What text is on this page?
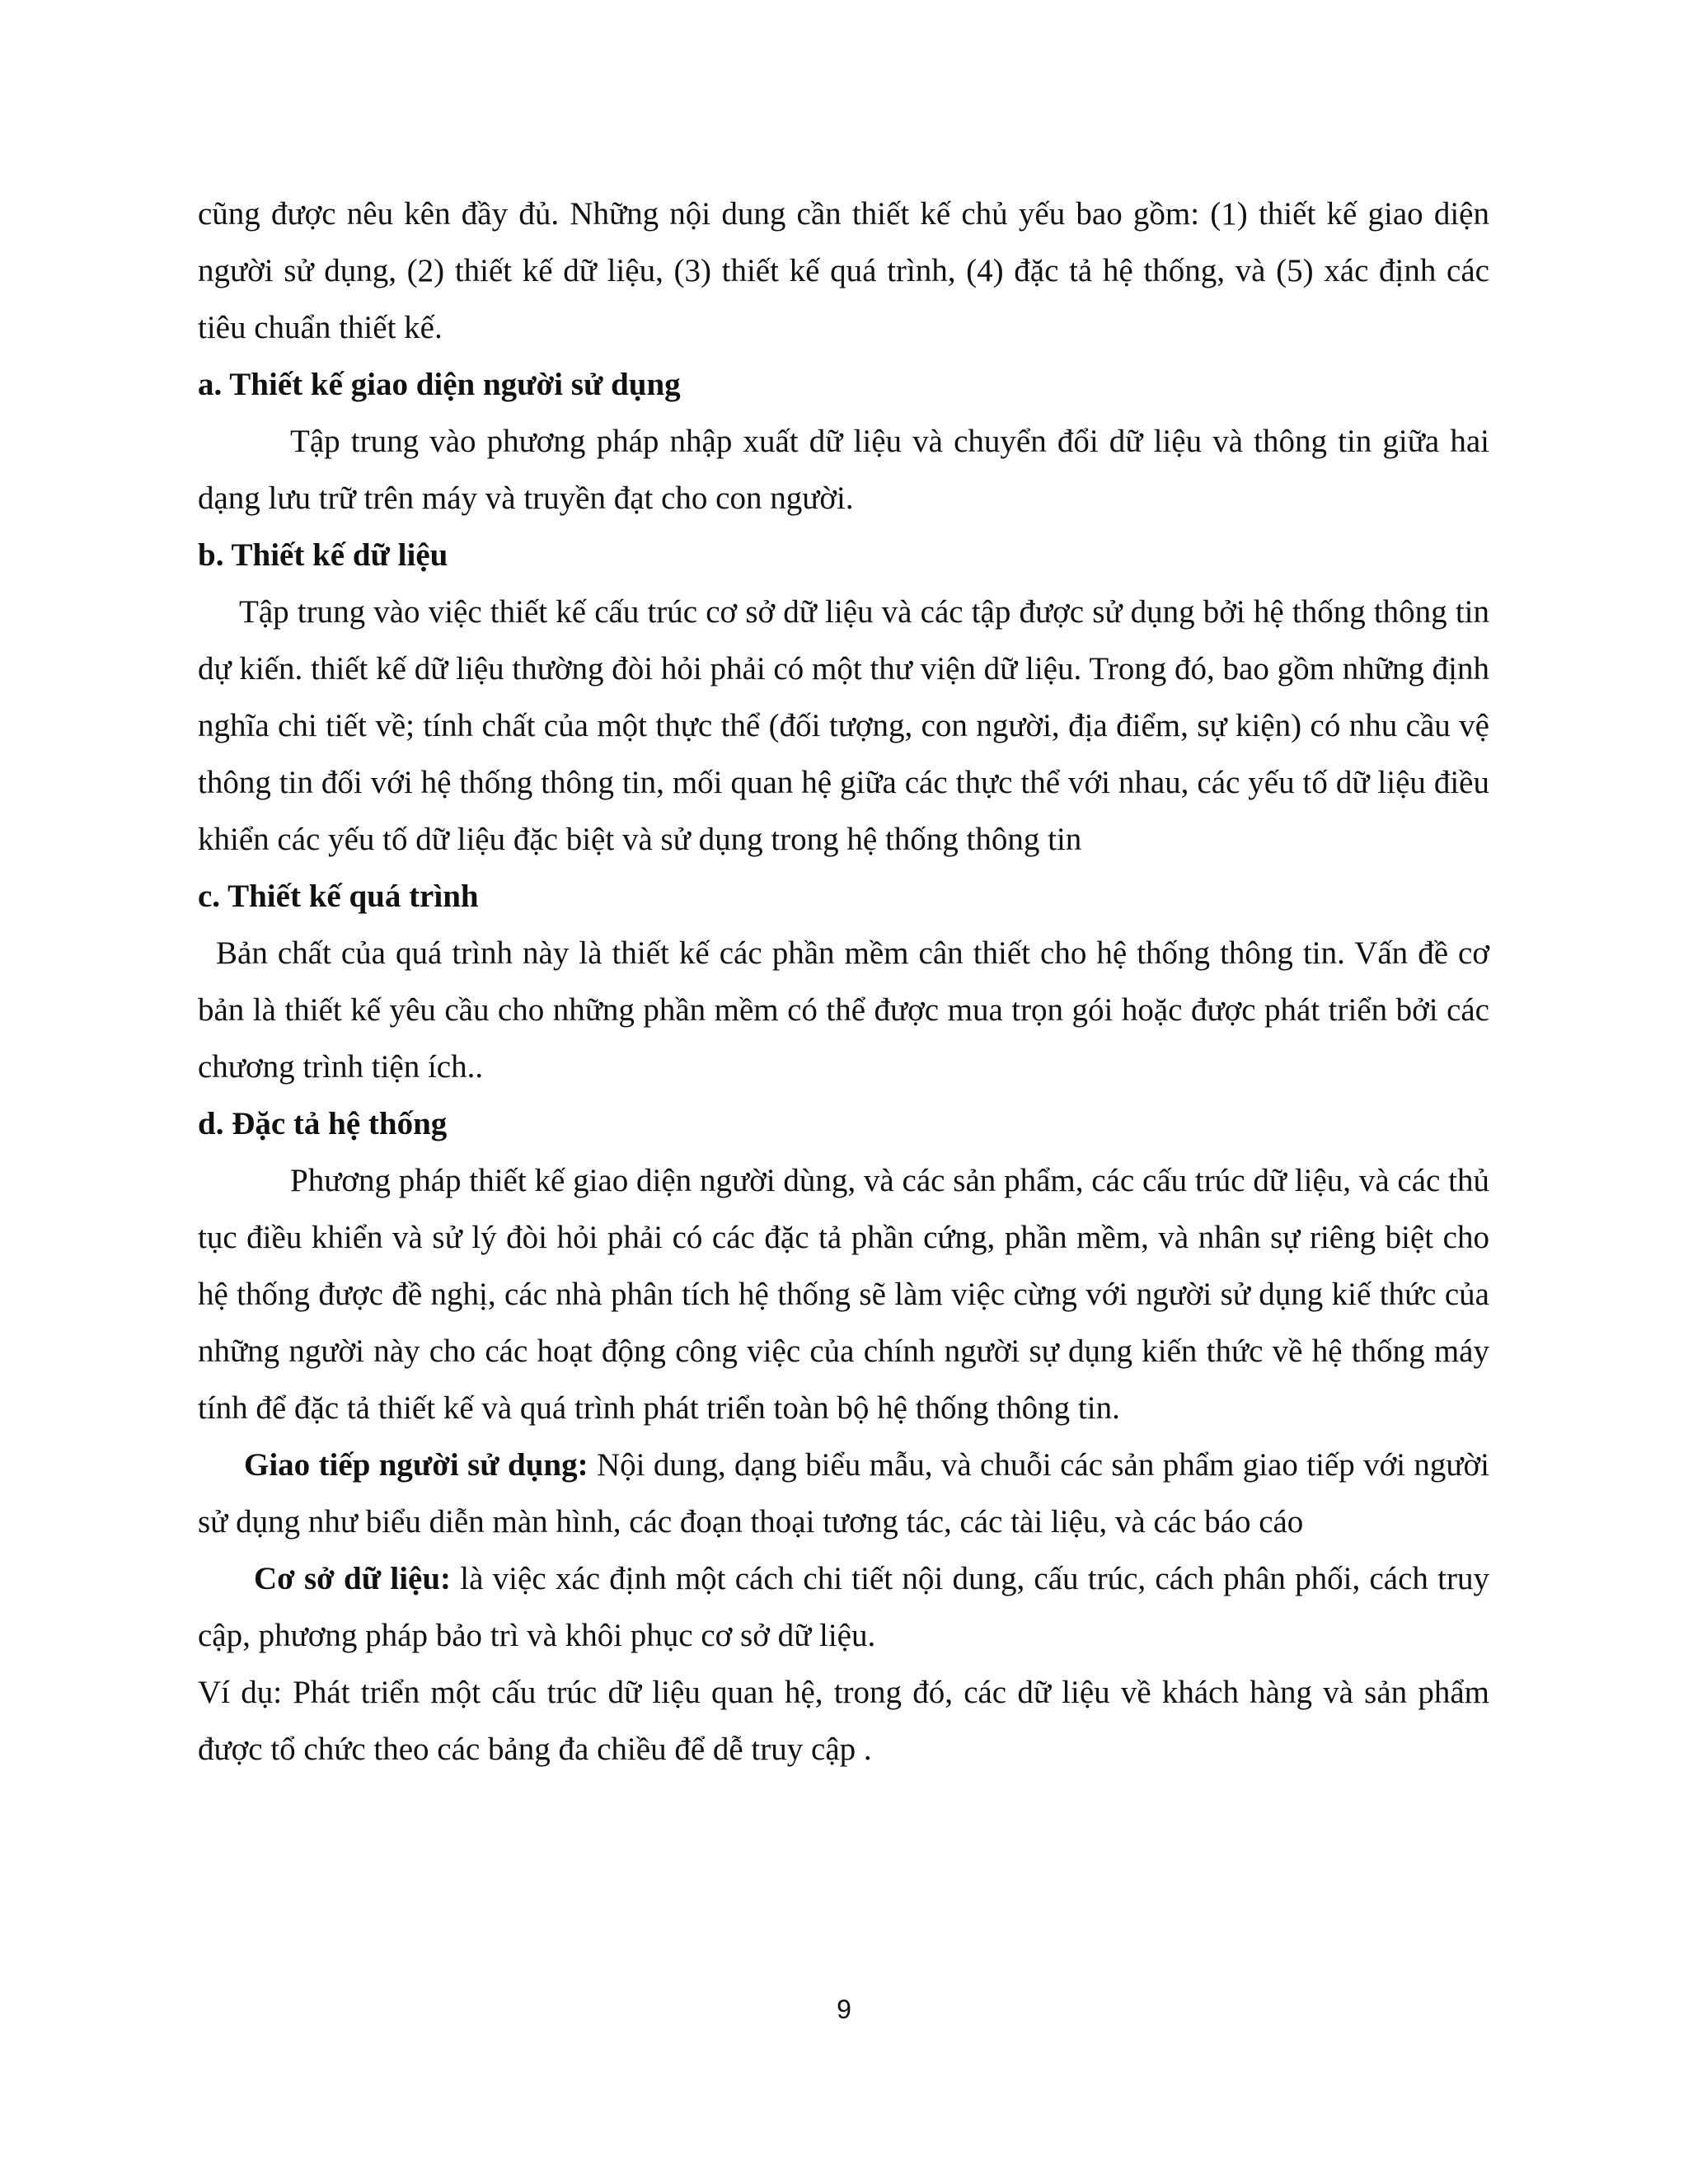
cũng được nêu kên đầy đủ. Những nội dung cần thiết kế chủ yếu bao gồm: (1) thiết kế giao diện người sử dụng, (2) thiết kế dữ liệu, (3) thiết kế quá trình, (4) đặc tả hệ thống, và (5) xác định các tiêu chuẩn thiết kế.

a. Thiết kế giao diện người sử dụng

Tập trung vào phương pháp nhập xuất dữ liệu và chuyển đổi dữ liệu và thông tin giữa hai dạng lưu trữ trên máy và truyền đạt cho con người.

b. Thiết kế dữ liệu

Tập trung vào việc thiết kế cấu trúc cơ sở dữ liệu và các tập được sử dụng bởi hệ thống thông tin dự kiến. thiết kế dữ liệu thường đòi hỏi phải có một thư viện dữ liệu. Trong đó, bao gồm những định nghĩa chi tiết về; tính chất của một thực thể (đối tượng, con người, địa điểm, sự kiện) có nhu cầu vệ thông tin đối với hệ thống thông tin, mối quan hệ giữa các thực thể với nhau, các yếu tố dữ liệu điều khiển các yếu tố dữ liệu đặc biệt và sử dụng trong hệ thống thông tin

c. Thiết kế quá trình

Bản chất của quá trình này là thiết kế các phần mềm cân thiết cho hệ thống thông tin. Vấn đề cơ bản là thiết kế yêu cầu cho những phần mềm có thể được mua trọn gói hoặc được phát triển bởi các chương trình tiện ích..

d. Đặc tả hệ thống

Phương pháp thiết kế giao diện người dùng, và các sản phẩm, các cấu trúc dữ liệu, và các thủ tục điều khiển và sử lý đòi hỏi phải có các đặc tả phần cứng, phần mềm, và nhân sự riêng biệt cho hệ thống được đề nghị, các nhà phân tích hệ thống sẽ làm việc cừng với người sử dụng kiế thức của những người này cho các hoạt động công việc của chính người sự dụng kiến thức về hệ thống máy tính để đặc tả thiết kế và quá trình phát triển toàn bộ hệ thống thông tin.

Giao tiếp người sử dụng: Nội dung, dạng biểu mẫu, và chuỗi các sản phẩm giao tiếp với người sử dụng như biểu diễn màn hình, các đoạn thoại tương tác, các tài liệu, và các báo cáo

Cơ sở dữ liệu: là việc xác định một cách chi tiết nội dung, cấu trúc, cách phân phối, cách truy cập, phương pháp bảo trì và khôi phục cơ sở dữ liệu.

Ví dụ: Phát triển một cấu trúc dữ liệu quan hệ, trong đó, các dữ liệu về khách hàng và sản phẩm được tổ chức theo các bảng đa chiều để dễ truy cập .

9
